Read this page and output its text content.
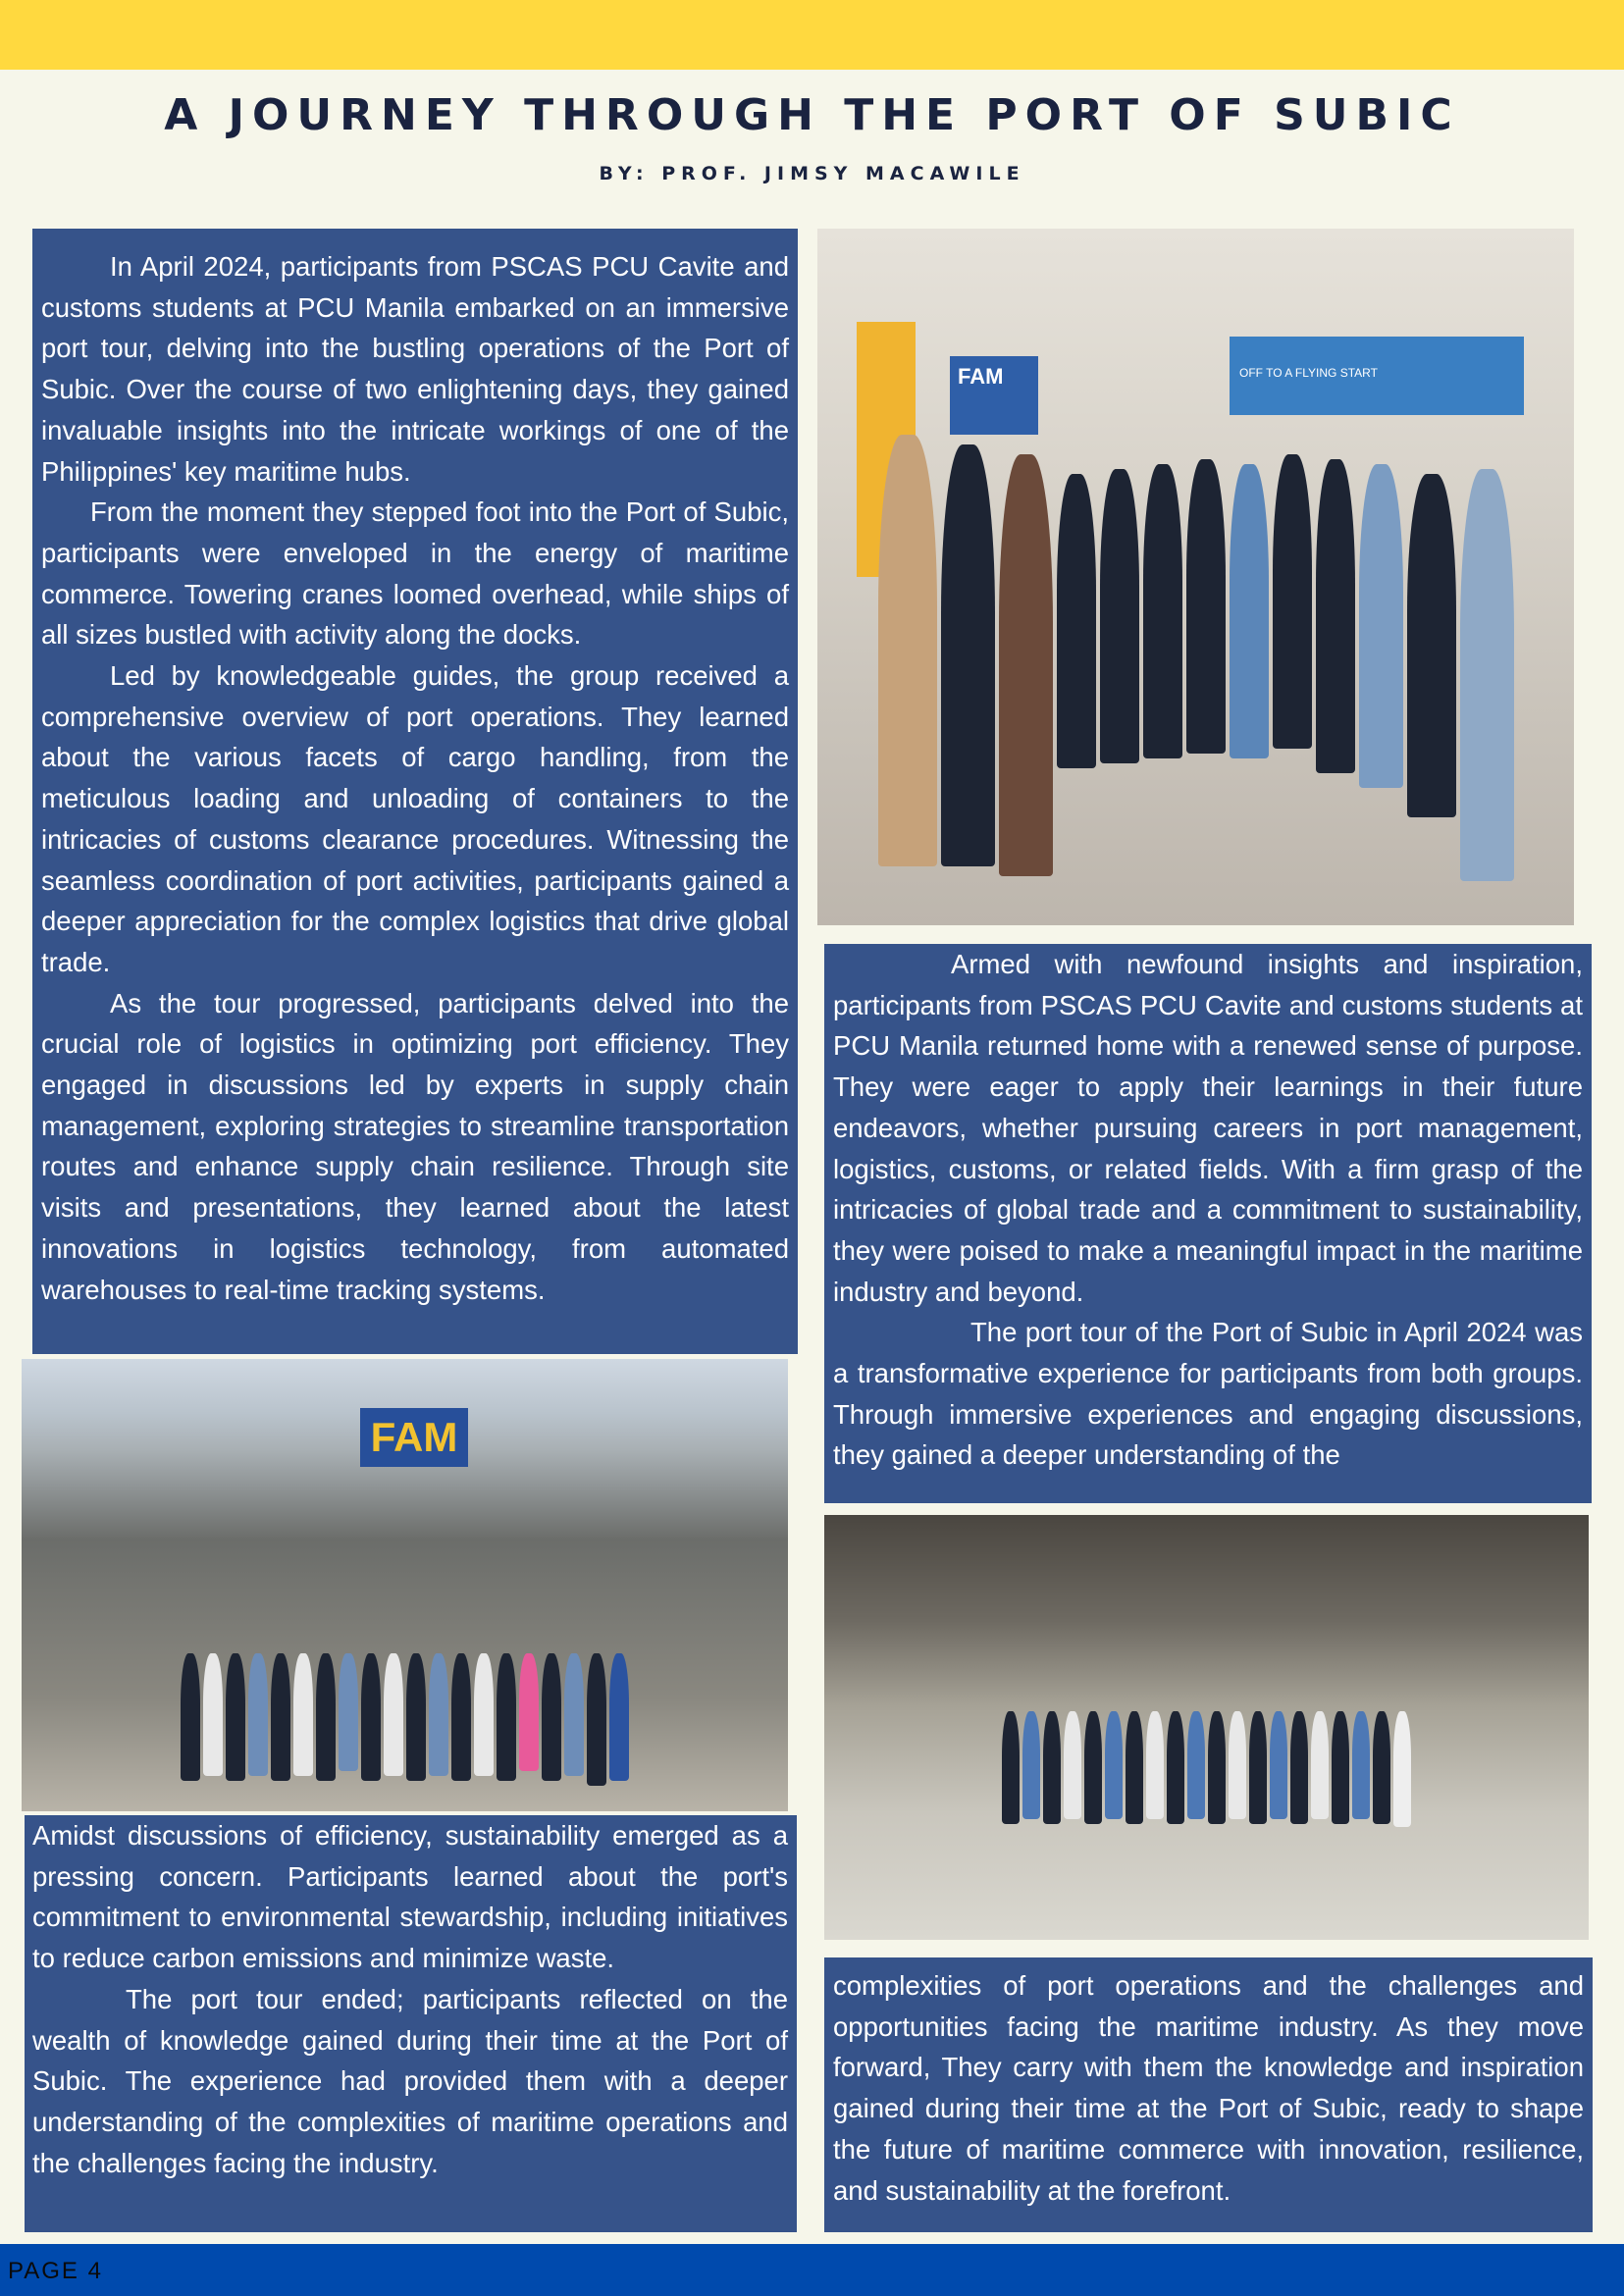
A JOURNEY THROUGH THE PORT OF SUBIC
BY: PROF. JIMSY MACAWILE

In April 2024, participants from PSCAS PCU Cavite and customs students at PCU Manila embarked on an immersive port tour, delving into the bustling operations of the Port of Subic. Over the course of two enlightening days, they gained invaluable insights into the intricate workings of one of the Philippines' key maritime hubs.

From the moment they stepped foot into the Port of Subic, participants were enveloped in the energy of maritime commerce. Towering cranes loomed overhead, while ships of all sizes bustled with activity along the docks.

Led by knowledgeable guides, the group received a comprehensive overview of port operations. They learned about the various facets of cargo handling, from the meticulous loading and unloading of containers to the intricacies of customs clearance procedures. Witnessing the seamless coordination of port activities, participants gained a deeper appreciation for the complex logistics that drive global trade.

As the tour progressed, participants delved into the crucial role of logistics in optimizing port efficiency. They engaged in discussions led by experts in supply chain management, exploring strategies to streamline transportation routes and enhance supply chain resilience. Through site visits and presentations, they learned about the latest innovations in logistics technology, from automated warehouses to real-time tracking systems.

FAM	OFF TO A FLYING START

Armed with newfound insights and inspiration, participants from PSCAS PCU Cavite and customs students at PCU Manila returned home with a renewed sense of purpose. They were eager to apply their learnings in their future endeavors, whether pursuing careers in port management, logistics, customs, or related fields. With a firm grasp of the intricacies of global trade and a commitment to sustainability, they were poised to make a meaningful impact in the maritime industry and beyond.

The port tour of the Port of Subic in April 2024 was a transformative experience for participants from both groups. Through immersive experiences and engaging discussions, they gained a deeper understanding of the

FAM

Amidst discussions of efficiency, sustainability emerged as a pressing concern. Participants learned about the port's commitment to environmental stewardship, including initiatives to reduce carbon emissions and minimize waste.

The port tour ended; participants reflected on the wealth of knowledge gained during their time at the Port of Subic. The experience had provided them with a deeper understanding of the complexities of maritime operations and the challenges facing the industry.

complexities of port operations and the challenges and opportunities facing the maritime industry. As they move forward, They carry with them the knowledge and inspiration gained during their time at the Port of Subic, ready to shape the future of maritime commerce with innovation, resilience, and sustainability at the forefront.

PAGE 4
